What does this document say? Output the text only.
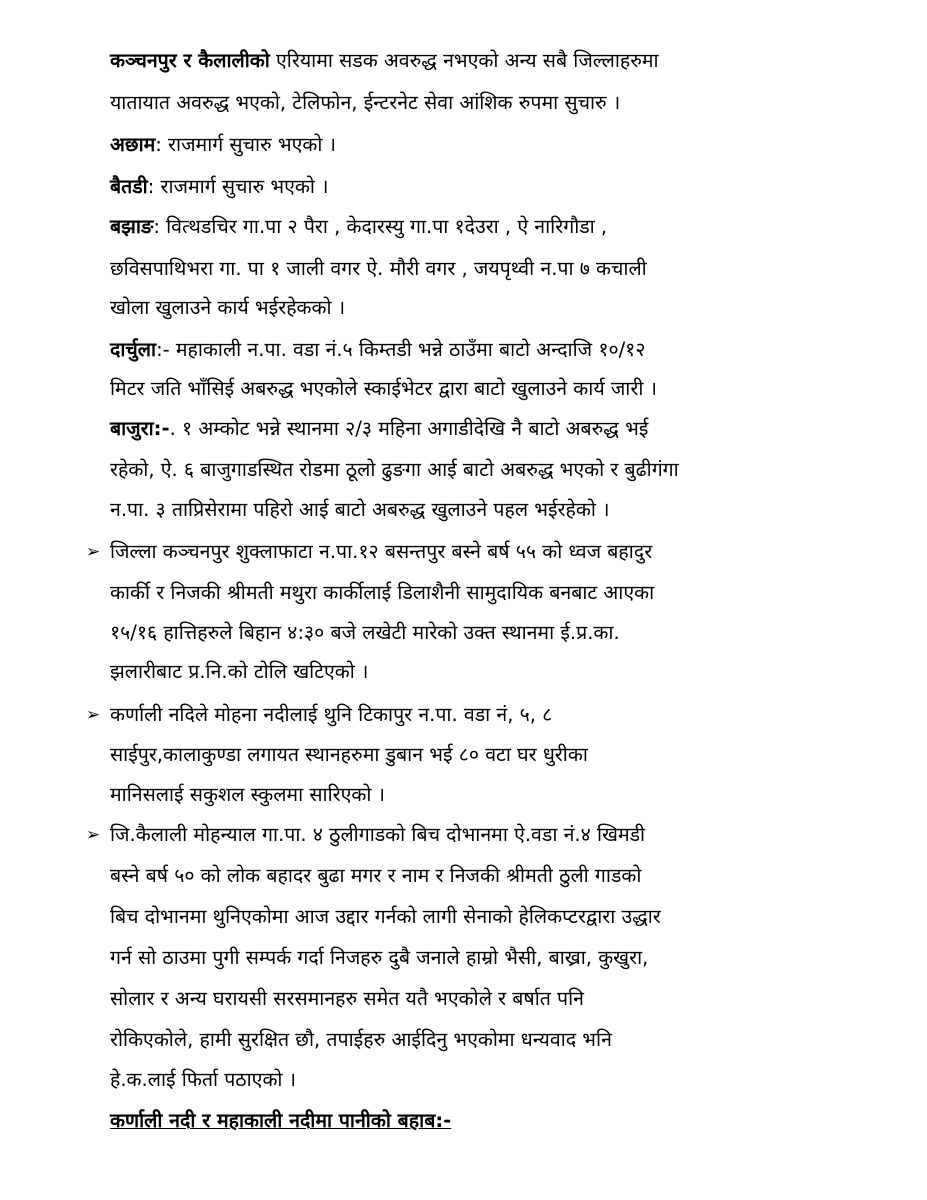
कञ्चनपुर र कैलालीको एरियामा सडक अवरुद्ध नभएको अन्य सबै जिल्लाहरुमा
यातायात अवरुद्ध भएको, टेलिफोन, ईन्टरनेट सेवा आंशिक रुपमा सुचारु ।
अछाम: राजमार्ग सुचारु भएको ।
बैतडी: राजमार्ग सुचारु भएको ।
बझाङ: वित्थडचिर गा.पा २ पैरा , केदारस्यु गा.पा १देउरा , ऐ नारिगौडा ,
छविसपाथिभरा गा. पा १ जाली वगर ऐ. मौरी वगर , जयपृथ्वी न.पा ७ कचाली
खोला खुलाउने कार्य भईरहेकको ।
दार्चुला:- महाकाली न.पा. वडा नं.५ किम्तडी भन्ने ठाउँमा बाटो अन्दाजि १०/१२
मिटर जति भाँसिई अबरुद्ध भएकोले स्काईभेटर द्वारा बाटो खुलाउने कार्य जारी ।
बाजुरा:-. १ अम्कोट भन्ने स्थानमा २/३ महिना अगाडीदेखि नै बाटो अबरुद्ध भई
रहेको, ऐ. ६ बाजुगाडस्थित रोडमा ठूलो ढुङगा आई बाटो अबरुद्ध भएको र बुढीगंगा
न.पा. ३ ताप्रिसेरामा पहिरो आई बाटो अबरुद्ध खुलाउने पहल भईरहेको ।
➢ जिल्ला कञ्चनपुर शुक्लाफाटा न.पा.१२ बसन्तपुर बस्ने बर्ष ५५ को ध्वज बहादुर
कार्की र निजकी श्रीमती मथुरा कार्कीलाई डिलाशैनी सामुदायिक बनबाट आएका
१५/१६ हात्तिहरुले बिहान ४:३० बजे लखेटी मारेको उक्त स्थानमा ई.प्र.का.
झलारीबाट प्र.नि.को टोलि खटिएको ।
➢ कर्णाली नदिले मोहना नदीलाई थुनि टिकापुर न.पा. वडा नं, ५, ८
साईपुर,कालाकुण्डा लगायत स्थानहरुमा डुबान भई ८० वटा घर धुरीका
मानिसलाई सकुशल स्कुलमा सारिएको ।
➢ जि.कैलाली मोहन्याल गा.पा. ४ ठुलीगाडको बिच दोभानमा ऐ.वडा नं.४ खिमडी
बस्ने बर्ष ५० को लोक बहादर बुढा मगर र नाम र निजकी श्रीमती ठुली गाडको
बिच दोभानमा थुनिएकोमा आज उद्दार गर्नको लागी सेनाको हेलिकप्टरद्वारा उद्धार
गर्न सो ठाउमा पुगी सम्पर्क गर्दा निजहरु दुबै जनाले हाम्रो भैसी, बाख्रा, कुखुरा,
सोलार र अन्य घरायसी सरसमानहरु समेत यतै भएकोले र बर्षात पनि
रोकिएकोले, हामी सुरक्षित छौ, तपाईहरु आईदिनु भएकोमा धन्यवाद भनि
हे.क.लाई फिर्ता पठाएको ।
कर्णाली नदी र महाकाली नदीमा पानीको बहाब:-
